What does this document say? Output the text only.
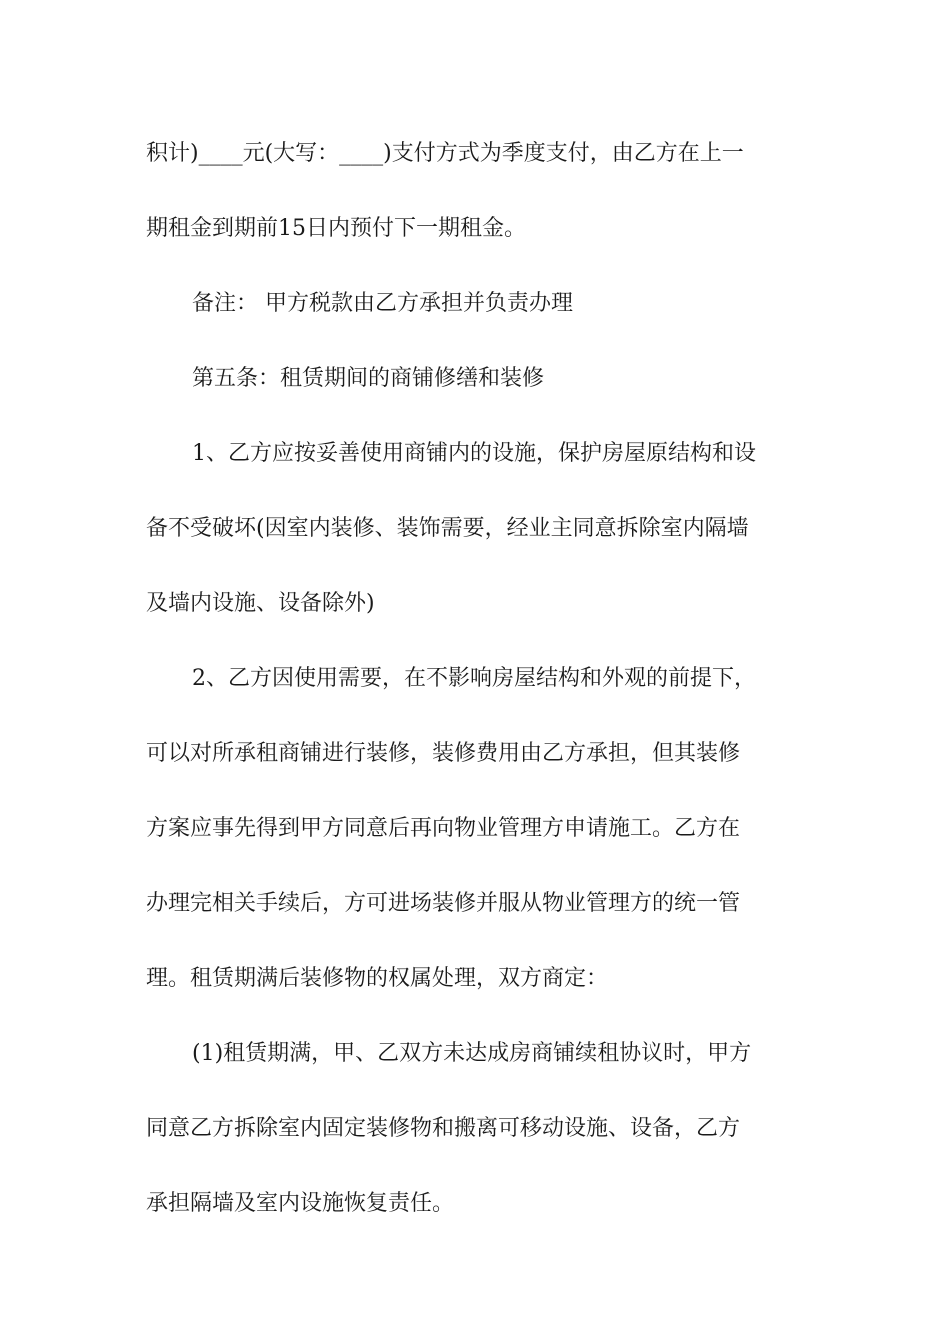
积计)____元(大写：____)支付方式为季度支付，由乙方在上一
期租金到期前15日内预付下一期租金。
备注： 甲方税款由乙方承担并负责办理
第五条：租赁期间的商铺修缮和装修
1、乙方应按妥善使用商铺内的设施，保护房屋原结构和设
备不受破坏(因室内装修、装饰需要，经业主同意拆除室内隔墙
及墙内设施、设备除外)
2、乙方因使用需要，在不影响房屋结构和外观的前提下，
可以对所承租商铺进行装修，装修费用由乙方承担，但其装修
方案应事先得到甲方同意后再向物业管理方申请施工。乙方在
办理完相关手续后，方可进场装修并服从物业管理方的统一管
理。租赁期满后装修物的权属处理，双方商定：
(1)租赁期满，甲、乙双方未达成房商铺续租协议时，甲方
同意乙方拆除室内固定装修物和搬离可移动设施、设备，乙方
承担隔墙及室内设施恢复责任。
